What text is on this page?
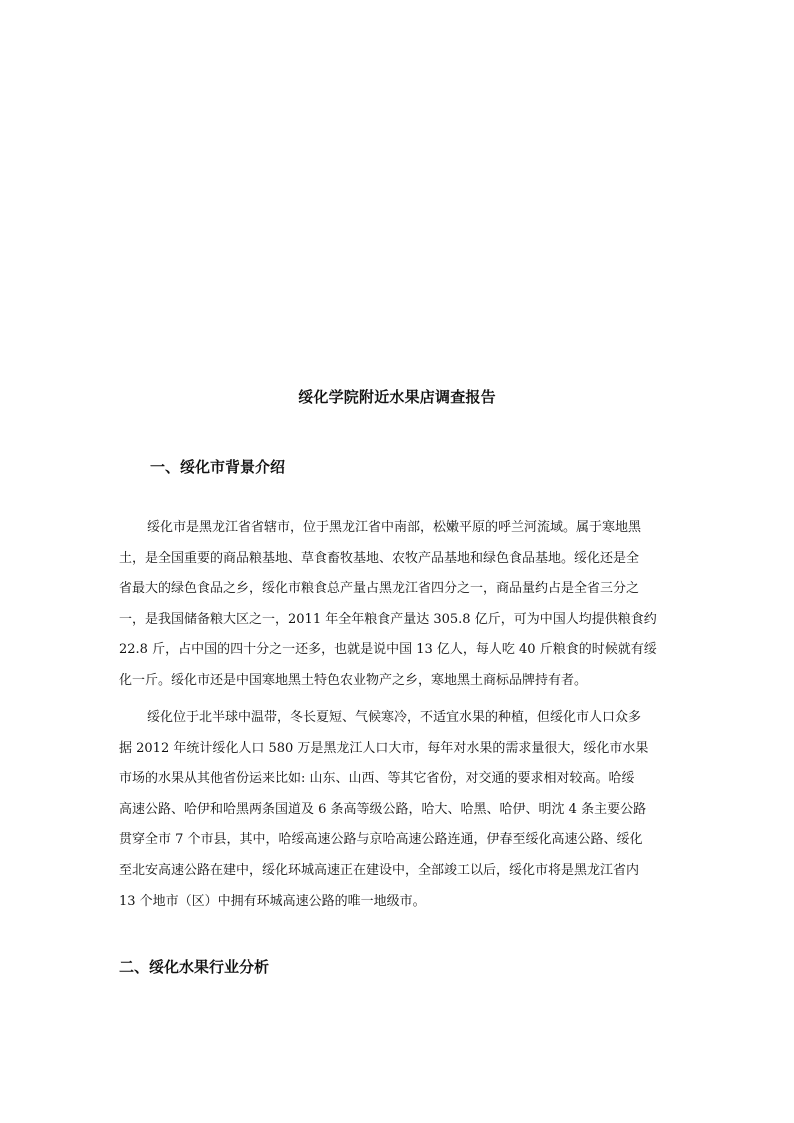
绥化学院附近水果店调查报告
一、绥化市背景介绍
绥化市是黑龙江省省辖市，位于黑龙江省中南部，松嫩平原的呼兰河流域。属于寒地黑
土，是全国重要的商品粮基地、草食畜牧基地、农牧产品基地和绿色食品基地。绥化还是全
省最大的绿色食品之乡，绥化市粮食总产量占黑龙江省四分之一，商品量约占是全省三分之
一，是我国储备粮大区之一，2011 年全年粮食产量达 305.8 亿斤，可为中国人均提供粮食约
22.8 斤，占中国的四十分之一还多，也就是说中国 13 亿人，每人吃 40 斤粮食的时候就有绥
化一斤。绥化市还是中国寒地黑土特色农业物产之乡，寒地黑土商标品牌持有者。
绥化位于北半球中温带，冬长夏短、气候寒冷，不适宜水果的种植，但绥化市人口众多
据 2012 年统计绥化人口 580 万是黑龙江人口大市，每年对水果的需求量很大，绥化市水果
市场的水果从其他省份运来比如: 山东、山西、等其它省份，对交通的要求相对较高。哈绥
高速公路、哈伊和哈黑两条国道及 6 条高等级公路，哈大、哈黑、哈伊、明沈 4 条主要公路
贯穿全市 7 个市县，其中，哈绥高速公路与京哈高速公路连通，伊春至绥化高速公路、绥化
至北安高速公路在建中，绥化环城高速正在建设中，全部竣工以后，绥化市将是黑龙江省内
13 个地市（区）中拥有环城高速公路的唯一地级市。
二、绥化水果行业分析
